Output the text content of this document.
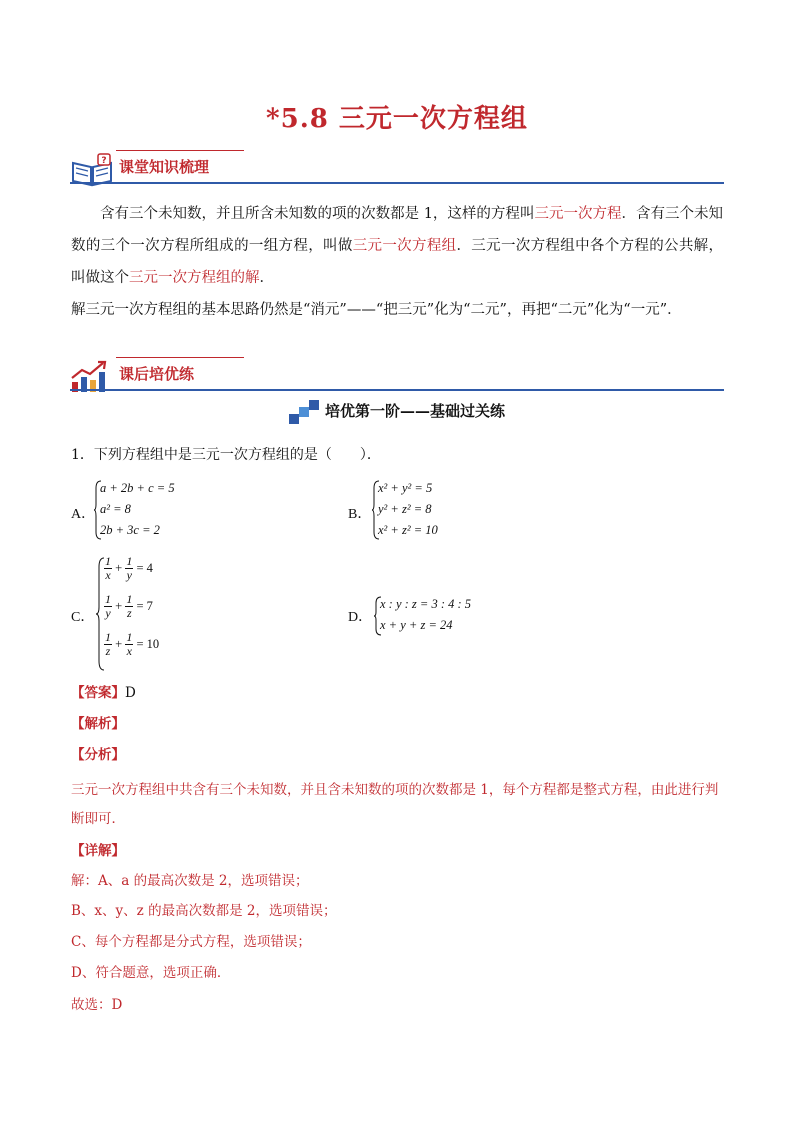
*5.8 三元一次方程组
? 课堂知识梳理
含有三个未知数，并且所含未知数的项的次数都是 1，这样的方程叫三元一次方程．含有三个未知数的三个一次方程所组成的一组方程，叫做三元一次方程组．三元一次方程组中各个方程的公共解，叫做这个三元一次方程组的解．
解三元一次方程组的基本思路仍然是“消元”——“把三元”化为“二元”，再把“二元”化为“一元”．
课后培优练
培优第一阶——基础过关练
1．下列方程组中是三元一次方程组的是（　　）．
A．
a + 2b + c = 5
a² = 8
2b + 3c = 2
B．
x² + y² = 5
y² + z² = 8
x² + z² = 10
C．
$\frac{1}{x} + \frac{1}{y} = 4$
$\frac{1}{y} + \frac{1}{z} = 7$
$\frac{1}{z} + \frac{1}{x} = 10$
D．
x : y : z = 3 : 4 : 5
x + y + z = 24
【答案】D
【解析】
【分析】
三元一次方程组中共含有三个未知数，并且含未知数的项的次数都是 1，每个方程都是整式方程，由此进行判断即可．
【详解】
解：A、a 的最高次数是 2，选项错误；
B、x、y、z 的最高次数都是 2，选项错误；
C、每个方程都是分式方程，选项错误；
D、符合题意，选项正确．
故选：D
